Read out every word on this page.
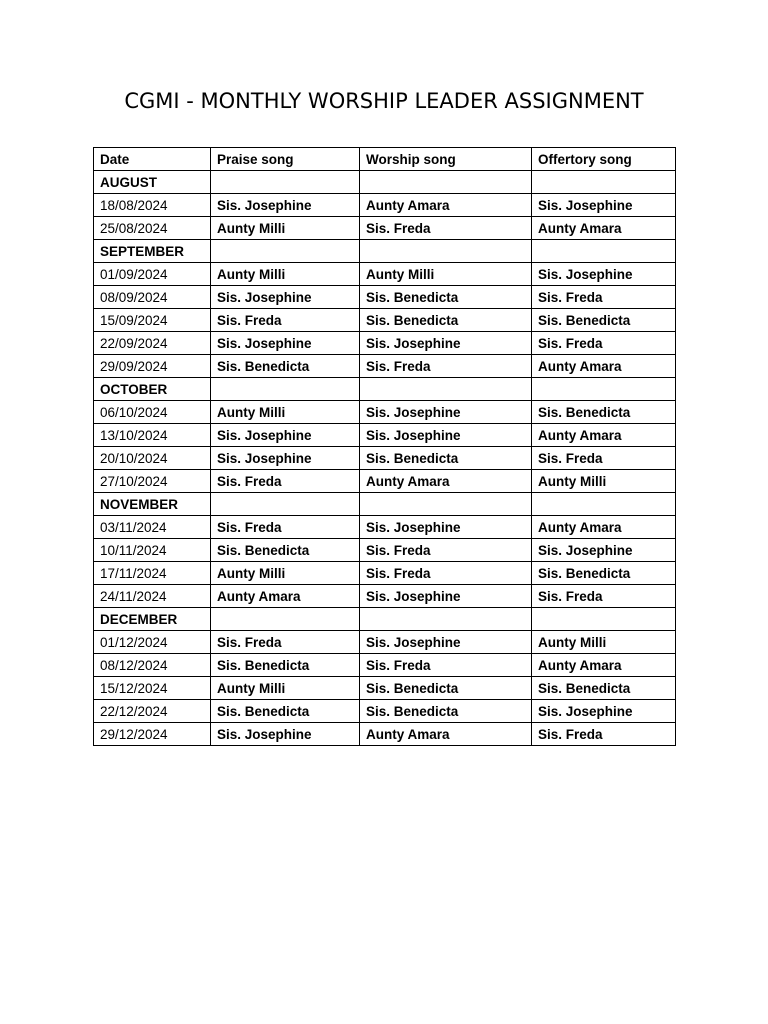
CGMI - MONTHLY WORSHIP LEADER ASSIGNMENT
Date	Praise song	Worship song	Offertory song
AUGUST			
18/08/2024	Sis. Josephine	Aunty Amara	Sis. Josephine
25/08/2024	Aunty Milli	Sis. Freda	Aunty Amara
SEPTEMBER			
01/09/2024	Aunty Milli	Aunty Milli	Sis. Josephine
08/09/2024	Sis. Josephine	Sis. Benedicta	Sis. Freda
15/09/2024	Sis. Freda	Sis. Benedicta	Sis. Benedicta
22/09/2024	Sis. Josephine	Sis. Josephine	Sis. Freda
29/09/2024	Sis. Benedicta	Sis. Freda	Aunty Amara
OCTOBER			
06/10/2024	Aunty Milli	Sis. Josephine	Sis. Benedicta
13/10/2024	Sis. Josephine	Sis. Josephine	Aunty Amara
20/10/2024	Sis. Josephine	Sis. Benedicta	Sis. Freda
27/10/2024	Sis. Freda	Aunty Amara	Aunty Milli
NOVEMBER			
03/11/2024	Sis. Freda	Sis. Josephine	Aunty Amara
10/11/2024	Sis. Benedicta	Sis. Freda	Sis. Josephine
17/11/2024	Aunty Milli	Sis. Freda	Sis. Benedicta
24/11/2024	Aunty Amara	Sis. Josephine	Sis. Freda
DECEMBER			
01/12/2024	Sis. Freda	Sis. Josephine	Aunty Milli
08/12/2024	Sis. Benedicta	Sis. Freda	Aunty Amara
15/12/2024	Aunty Milli	Sis. Benedicta	Sis. Benedicta
22/12/2024	Sis. Benedicta	Sis. Benedicta	Sis. Josephine
29/12/2024	Sis. Josephine	Aunty Amara	Sis. Freda
